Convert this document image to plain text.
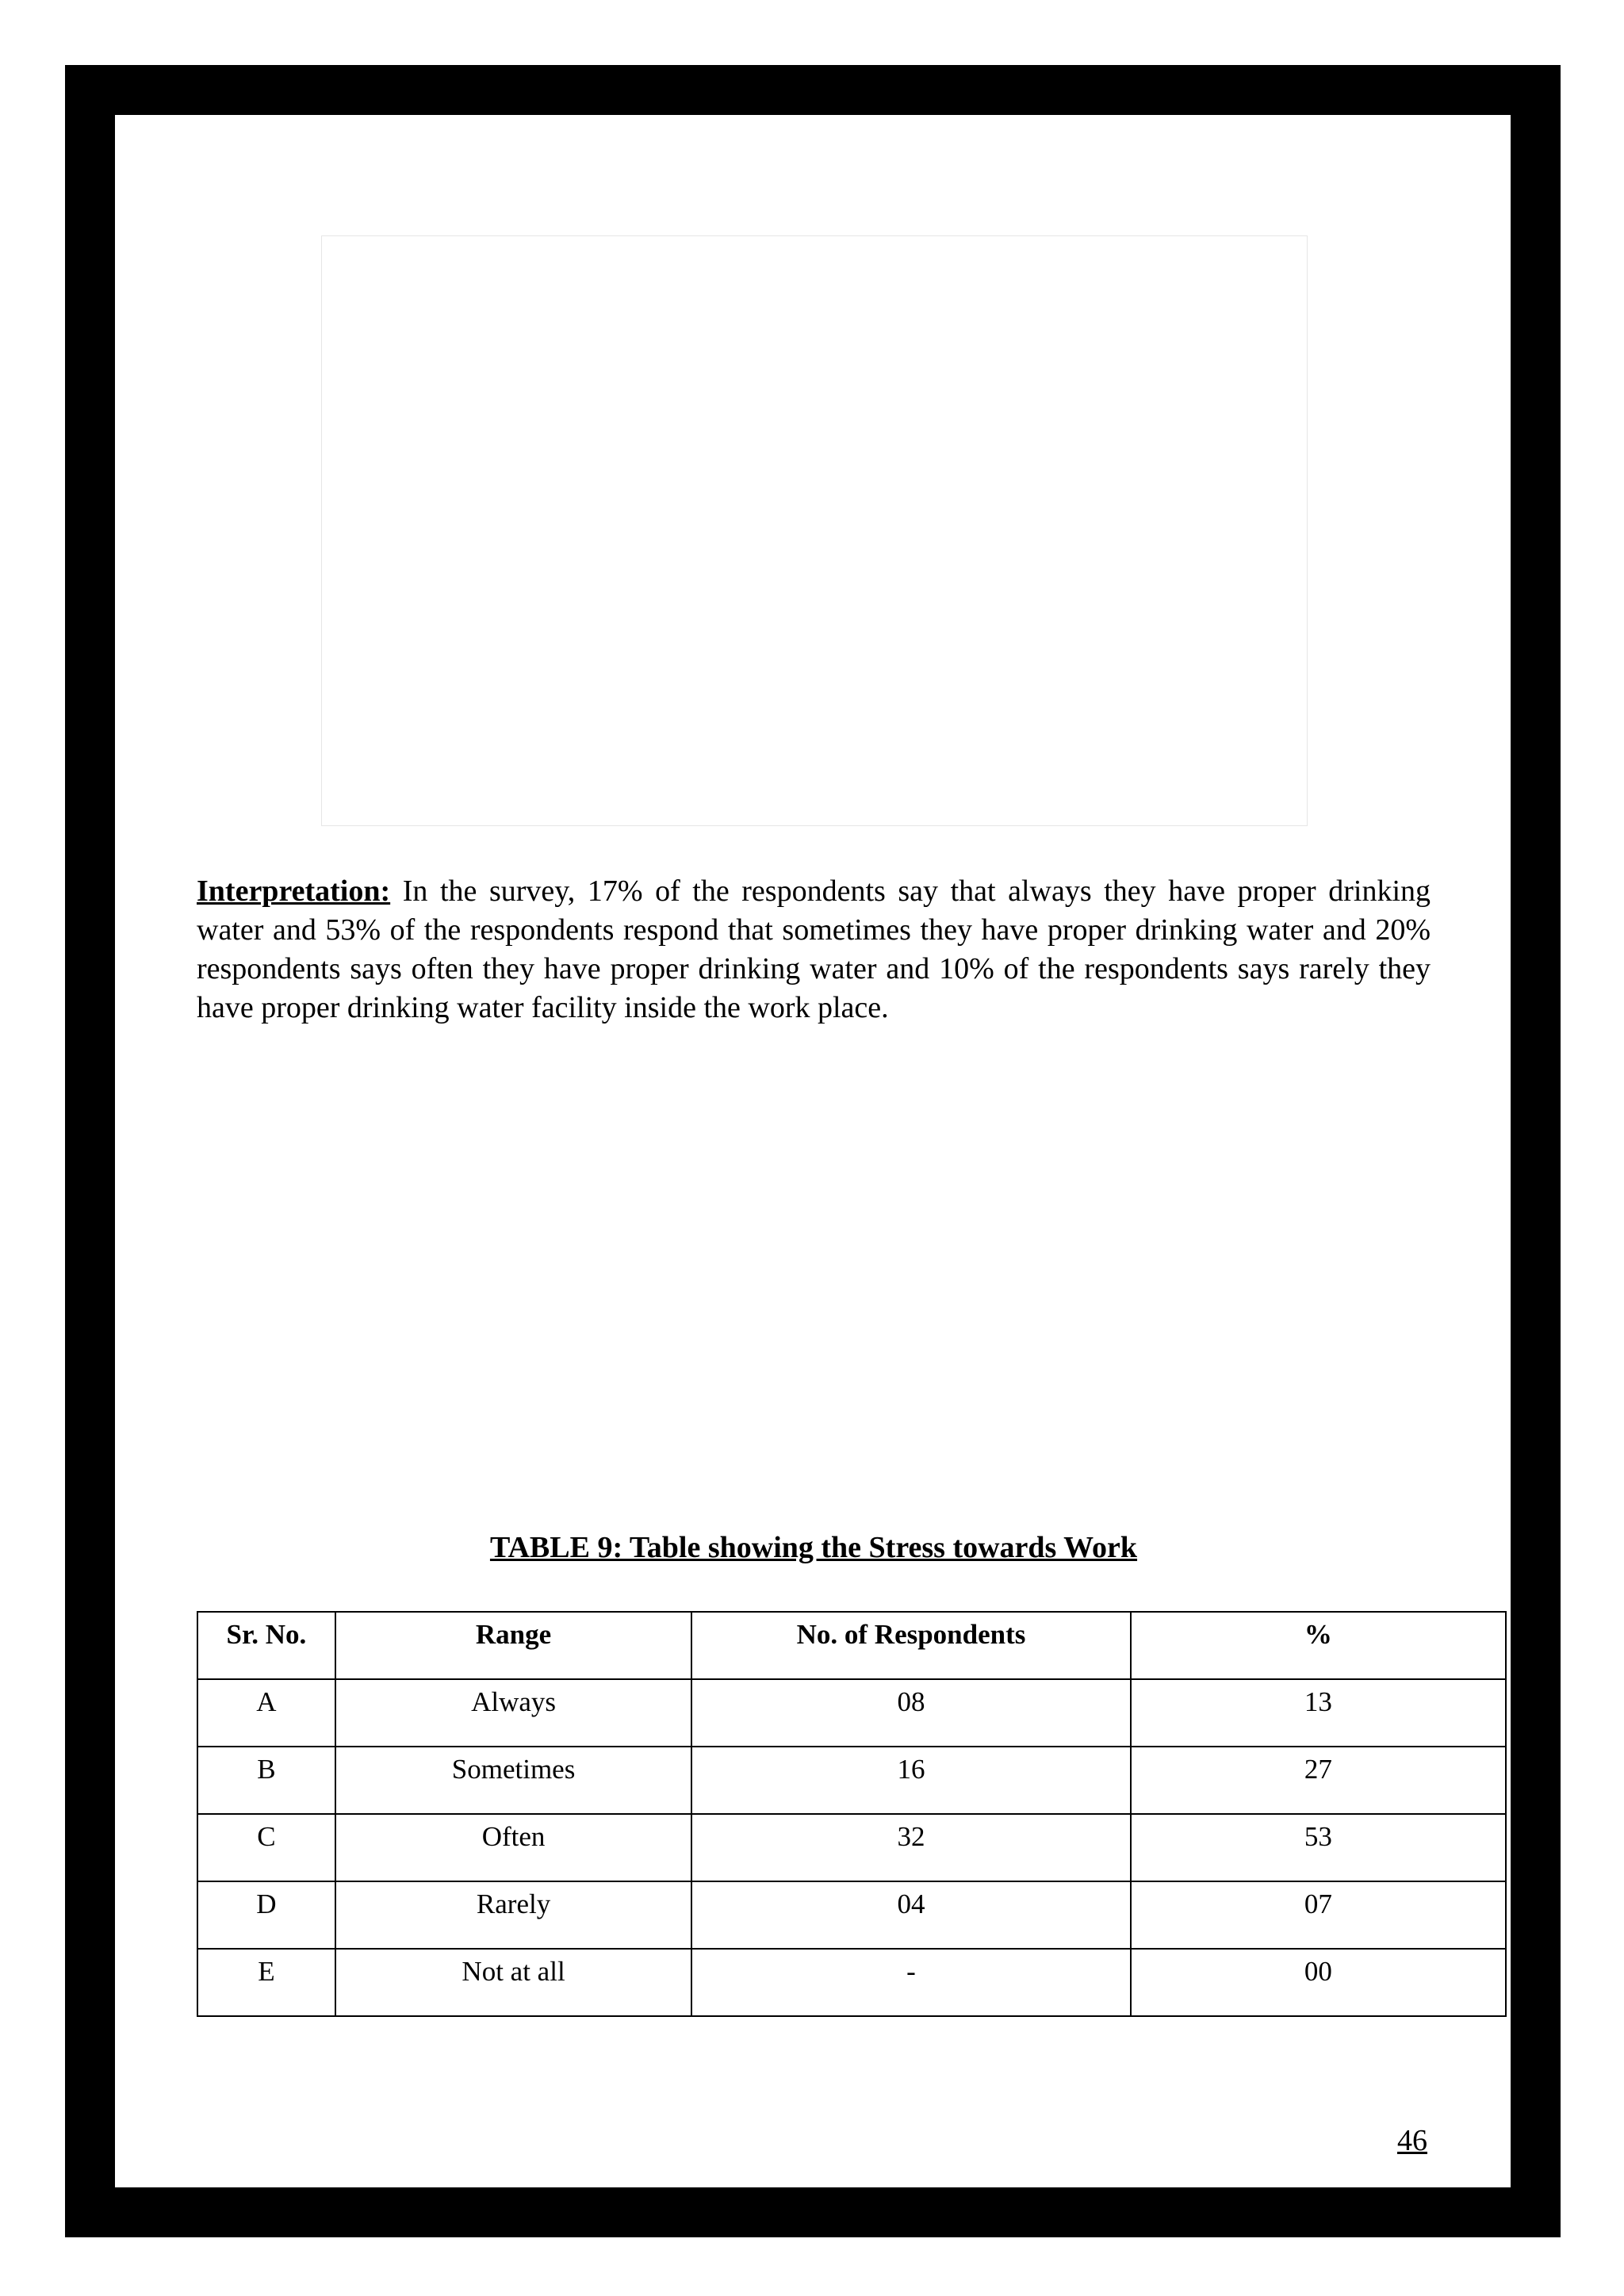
Interpretation: In the survey, 17% of the respondents say that always they have proper drinking water and 53% of the respondents respond that sometimes they have proper drinking water and 20% respondents says often they have proper drinking water and 10% of the respondents says rarely they have proper drinking water facility inside the work place.

TABLE 9: Table showing the Stress towards Work
Sr. No.	Range	No. of Respondents	%
A	Always	08	13
B	Sometimes	16	27
C	Often	32	53
D	Rarely	04	07
E	Not at all	-	00
46
